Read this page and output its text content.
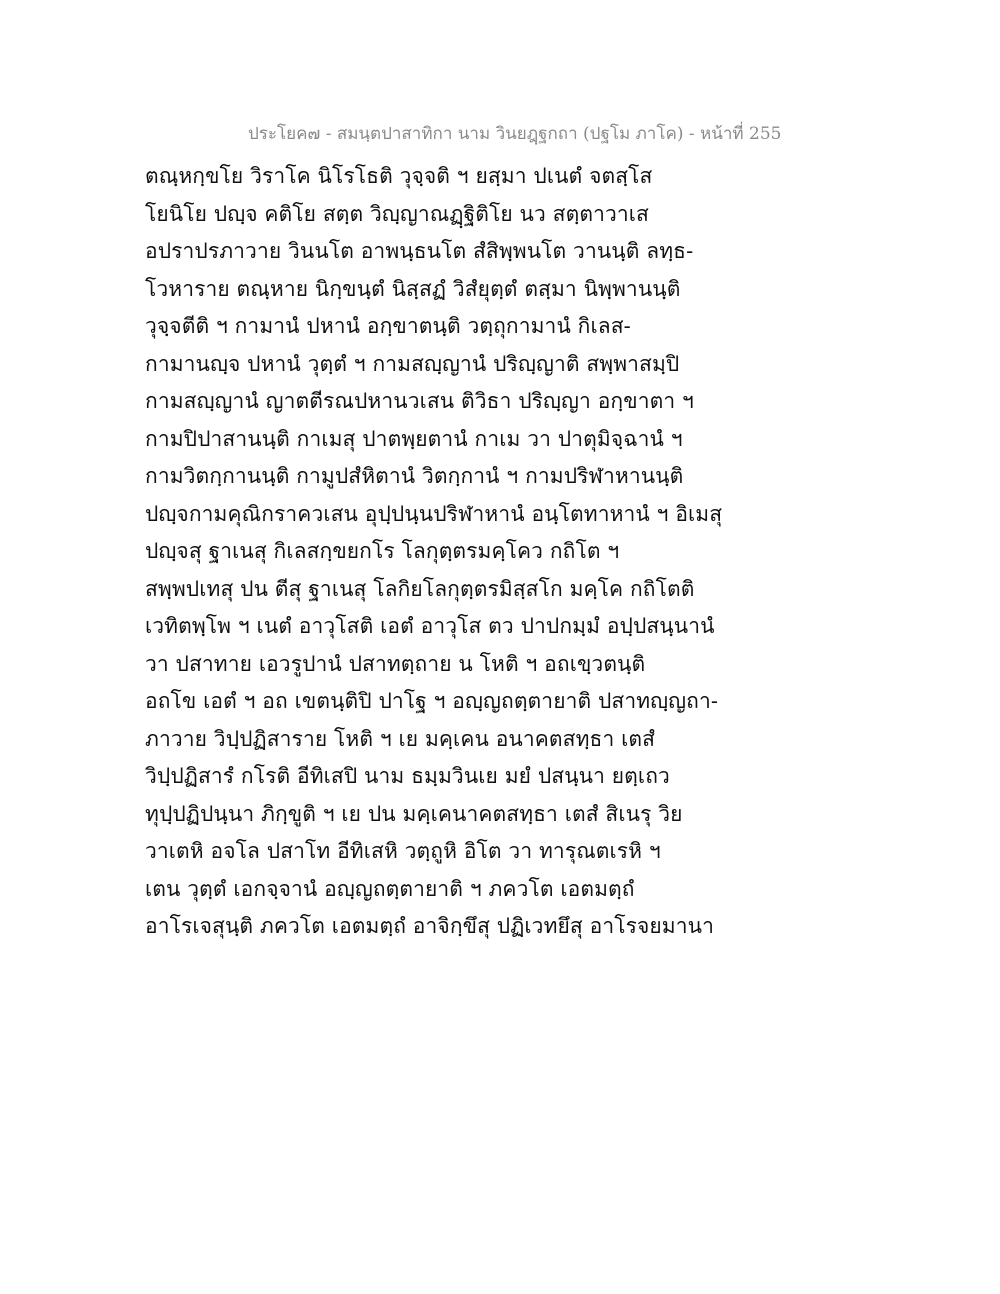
ประโยค๗ - สมนฺตปาสาทิกา นาม วินยฎฺฐกถา (ปฐโม ภาโค) - หน้าที่ 255
ตณฺหกฺขโย วิราโค นิโรโธติ วุจฺจติ ฯ ยสฺมา ปเนตํ จตสฺโส
โยนิโย ปญฺจ คติโย สตฺต วิญฺญาณฏฺฐิติโย นว สตฺตาวาเส
อปราปรภาวาย วินนโต อาพนฺธนโต สํสิพฺพนโต วานนฺติ ลทฺธ-
โวหาราย ตณฺหาย นิกฺขนฺตํ นิสฺสฏํ วิสํยุตฺตํ ตสฺมา นิพฺพานนฺติ
วุจฺจตีติ ฯ กามานํ ปหานํ อกฺขาตนฺติ วตฺถุกามานํ กิเลส-
กามานญฺจ ปหานํ วุตฺตํ ฯ กามสญฺญานํ ปริญฺญาติ สพฺพาสมฺปิ
กามสญฺญานํ ญาตตีรณปหานวเสน ติวิธา ปริญฺญา อกฺขาตา ฯ
กามปิปาสานนฺติ กาเมสุ ปาตพฺยตานํ กาเม วา ปาตุมิจฺฉานํ ฯ
กามวิตกฺกานนฺติ กามูปสํหิตานํ วิตกฺกานํ ฯ กามปริฬาหานนฺติ
ปญฺจกามคุณิกราควเสน อุปฺปนฺนปริฬาหานํ อนฺโตทาหานํ ฯ อิเมสุ
ปญฺจสุ ฐาเนสุ กิเลสกฺขยกโร โลกุตฺตรมคฺโคว กถิโต ฯ
สพฺพปเทสุ ปน ตีสุ ฐาเนสุ โลกิยโลกุตฺตรมิสฺสโก มคฺโค กถิโตติ
เวทิตพฺโพ ฯ เนตํ อาวุโสติ เอตํ อาวุโส ตว ปาปกมฺมํ อปฺปสนฺนานํ
วา ปสาทาย เอวรูปานํ ปสาทตฺถาย น โหติ ฯ อถเขฺวตนฺติ
อถโข เอตํ ฯ อถ เขตนฺติปิ ปาโฐ ฯ อญฺญถตฺตายาติ ปสาทญฺญถา-
ภาวาย วิปฺปฏิสาราย โหติ ฯ เย มคฺเคน อนาคตสทฺธา เตสํ
วิปฺปฏิสารํ กโรติ อีทิเสปิ นาม ธมฺมวินเย มยํ ปสนฺนา ยตฺเถว
ทุปฺปฏิปนฺนา ภิกฺขูติ ฯ เย ปน มคฺเคนาคตสทฺธา เตสํ สิเนรุ วิย
วาเตหิ อจโล ปสาโท อีทิเสหิ วตฺถูหิ อิโต วา ทารุณตเรหิ ฯ
เตน วุตฺตํ เอกจฺจานํ อญฺญถตฺตายาติ ฯ ภควโต เอตมตฺถํ
อาโรเจสุนฺติ ภควโต เอตมตฺถํ อาจิกฺขึสุ ปฏิเวทยึสุ อาโรจยมานา
